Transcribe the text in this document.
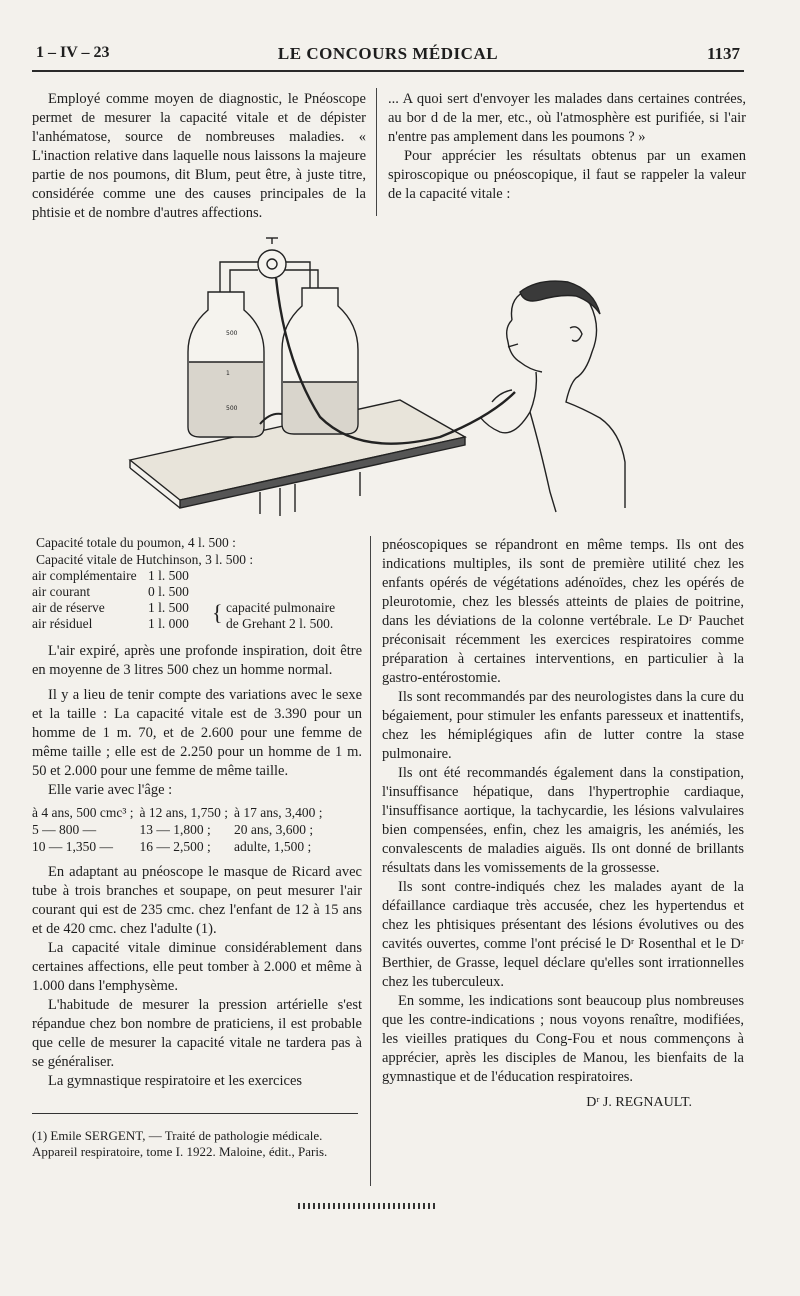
1 – IV – 23	LE CONCOURS MÉDICAL	1137

Employé comme moyen de diagnostic, le Pnéoscope permet de mesurer la capacité vitale et de dépister l'anhématose, source de nombreuses maladies. « L'inaction relative dans laquelle nous laissons la majeure partie de nos poumons, dit Blum, peut être, à juste titre, considérée comme une des causes principales de la phtisie et de nombre d'autres affections.

... A quoi sert d'envoyer les malades dans certaines contrées, au bor d de la mer, etc., où l'atmosphère est purifiée, si l'air n'entre pas amplement dans les poumons ? »

Pour apprécier les résultats obtenus par un examen spiroscopique ou pnéoscopique, il faut se rappeler la valeur de la capacité vitale :

500
1
500
Capacité totale du poumon, 4 l. 500 :
Capacité vitale de Hutchinson, 3 l. 500 :
air complémentaire	1 l. 500
air courant	0 l. 500
air de réserve	1 l. 500
air résiduel	1 l. 000 { capacité pulmonaire
de Grehant 2 l. 500.

L'air expiré, après une profonde inspiration, doit être en moyenne de 3 litres 500 chez un homme normal.

Il y a lieu de tenir compte des variations avec le sexe et la taille : La capacité vitale est de 3.390 pour un homme de 1 m. 70, et de 2.600 pour une femme de même taille ; elle est de 2.250 pour un homme de 1 m. 50 et 2.000 pour une femme de même taille.

Elle varie avec l'âge :

à 4 ans, 500 cmc³ ;	à 12 ans, 1,750 ;	à 17 ans, 3,400 ;
5 — 800 —	13 — 1,800 ;	20 ans, 3,600 ;
10 — 1,350 —	16 — 2,500 ;	adulte, 1,500 ;

En adaptant au pnéoscope le masque de Ricard avec tube à trois branches et soupape, on peut mesurer l'air courant qui est de 235 cmc. chez l'enfant de 12 à 15 ans et de 420 cmc. chez l'adulte (1).

La capacité vitale diminue considérablement dans certaines affections, elle peut tomber à 2.000 et même à 1.000 dans l'emphysème.

L'habitude de mesurer la pression artérielle s'est répandue chez bon nombre de praticiens, il est probable que celle de mesurer la capacité vitale ne tardera pas à se généraliser.

La gymnastique respiratoire et les exercices

pnéoscopiques se répandront en même temps. Ils ont des indications multiples, ils sont de première utilité chez les enfants opérés de végétations adénoïdes, chez les opérés de pleurotomie, chez les blessés atteints de plaies de poitrine, dans les déviations de la colonne vertébrale. Le Dʳ Pauchet préconisait récemment les exercices respiratoires comme préparation à certaines interventions, en particulier à la gastro-entérostomie.

Ils sont recommandés par des neurologistes dans la cure du bégaiement, pour stimuler les enfants paresseux et inattentifs, chez les hémiplégiques afin de lutter contre la stase pulmonaire.

Ils ont été recommandés également dans la constipation, l'insuffisance hépatique, dans l'hypertrophie cardiaque, l'insuffisance aortique, la tachycardie, les lésions valvulaires bien compensées, enfin, chez les amaigris, les anémiés, les convalescents de maladies aiguës. Ils ont donné de brillants résultats dans les vomissements de la grossesse.

Ils sont contre-indiqués chez les malades ayant de la défaillance cardiaque très accusée, chez les hypertendus et chez les phtisiques présentant des lésions évolutives ou des cavités ouvertes, comme l'ont précisé le Dʳ Rosenthal et le Dʳ Berthier, de Grasse, lequel déclare qu'elles sont irrationnelles chez les tuberculeux.

En somme, les indications sont beaucoup plus nombreuses que les contre-indications ; nous voyons renaître, modifiées, les vieilles pratiques du Cong-Fou et nous commençons à apprécier, après les disciples de Manou, les bienfaits de la gymnastique et de l'éducation respiratoires.

Dʳ J. REGNAULT.
(1) Emile SERGENT, — Traité de pathologie médicale. Appareil respiratoire, tome I. 1922. Maloine, édit., Paris.
